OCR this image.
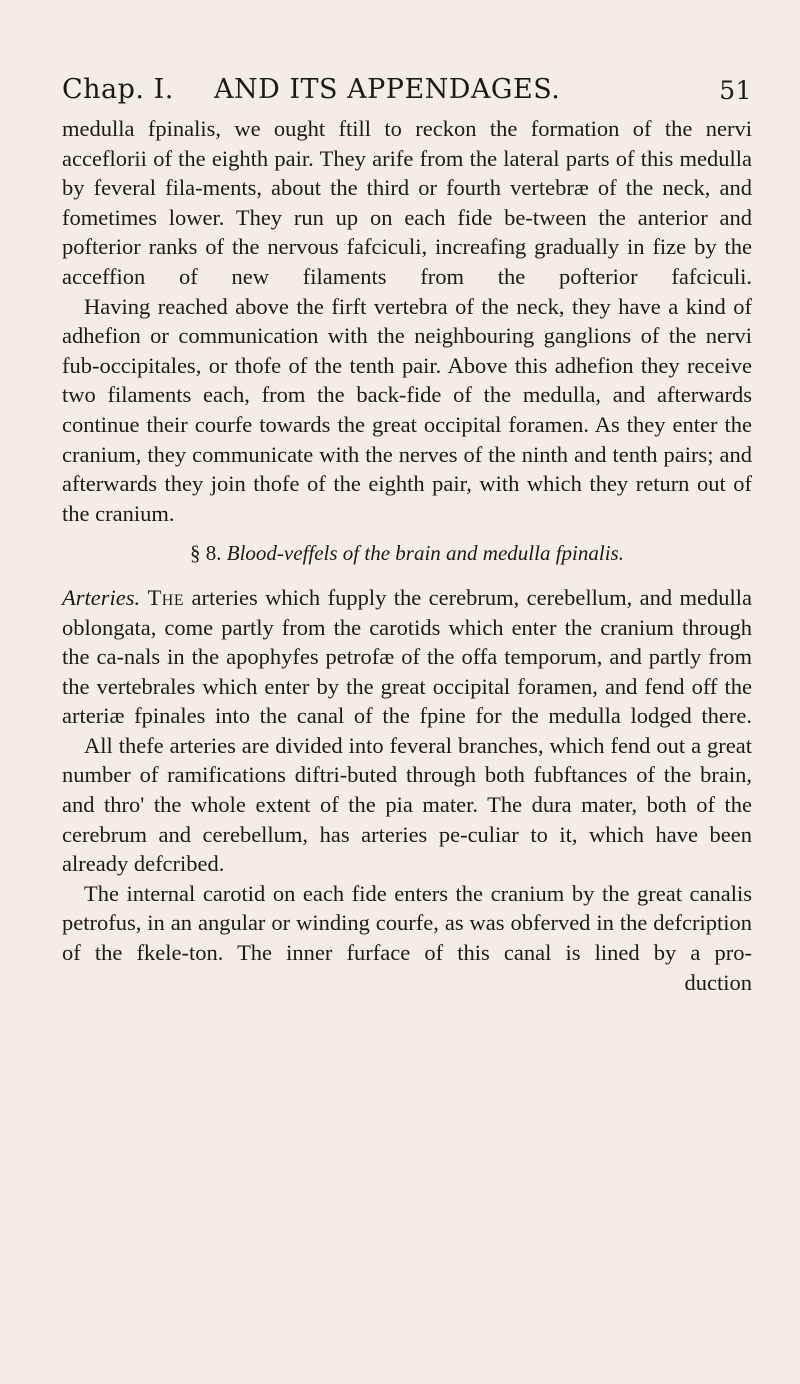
Chap. I. AND ITS APPENDAGES.	51

medulla fpinalis, we ought ftill to reckon the formation of the nervi acceflorii of the eighth pair. They arife from the lateral parts of this medulla by feveral fila-ments, about the third or fourth vertebræ of the neck, and fometimes lower. They run up on each fide be-tween the anterior and pofterior ranks of the nervous fafciculi, increafing gradually in fize by the acceffion of new filaments from the pofterior fafciculi.

Having reached above the firft vertebra of the neck, they have a kind of adhefion or communication with the neighbouring ganglions of the nervi fub-occipitales, or thofe of the tenth pair. Above this adhefion they receive two filaments each, from the back-fide of the medulla, and afterwards continue their courfe towards the great occipital foramen. As they enter the cranium, they communicate with the nerves of the ninth and tenth pairs; and afterwards they join thofe of the eighth pair, with which they return out of the cranium.

§ 8. Blood-veffels of the brain and medulla fpinalis.

Arteries. The arteries which fupply the cerebrum, cerebellum, and medulla oblongata, come partly from the carotids which enter the cranium through the ca-nals in the apophyfes petrofæ of the offa temporum, and partly from the vertebrales which enter by the great occipital foramen, and fend off the arteriæ fpinales into the canal of the fpine for the medulla lodged there.

All thefe arteries are divided into feveral branches, which fend out a great number of ramifications diftri-buted through both fubftances of the brain, and thro' the whole extent of the pia mater. The dura mater, both of the cerebrum and cerebellum, has arteries pe-culiar to it, which have been already defcribed.

The internal carotid on each fide enters the cranium by the great canalis petrofus, in an angular or winding courfe, as was obferved in the defcription of the fkele-ton. The inner furface of this canal is lined by a pro-

duction
